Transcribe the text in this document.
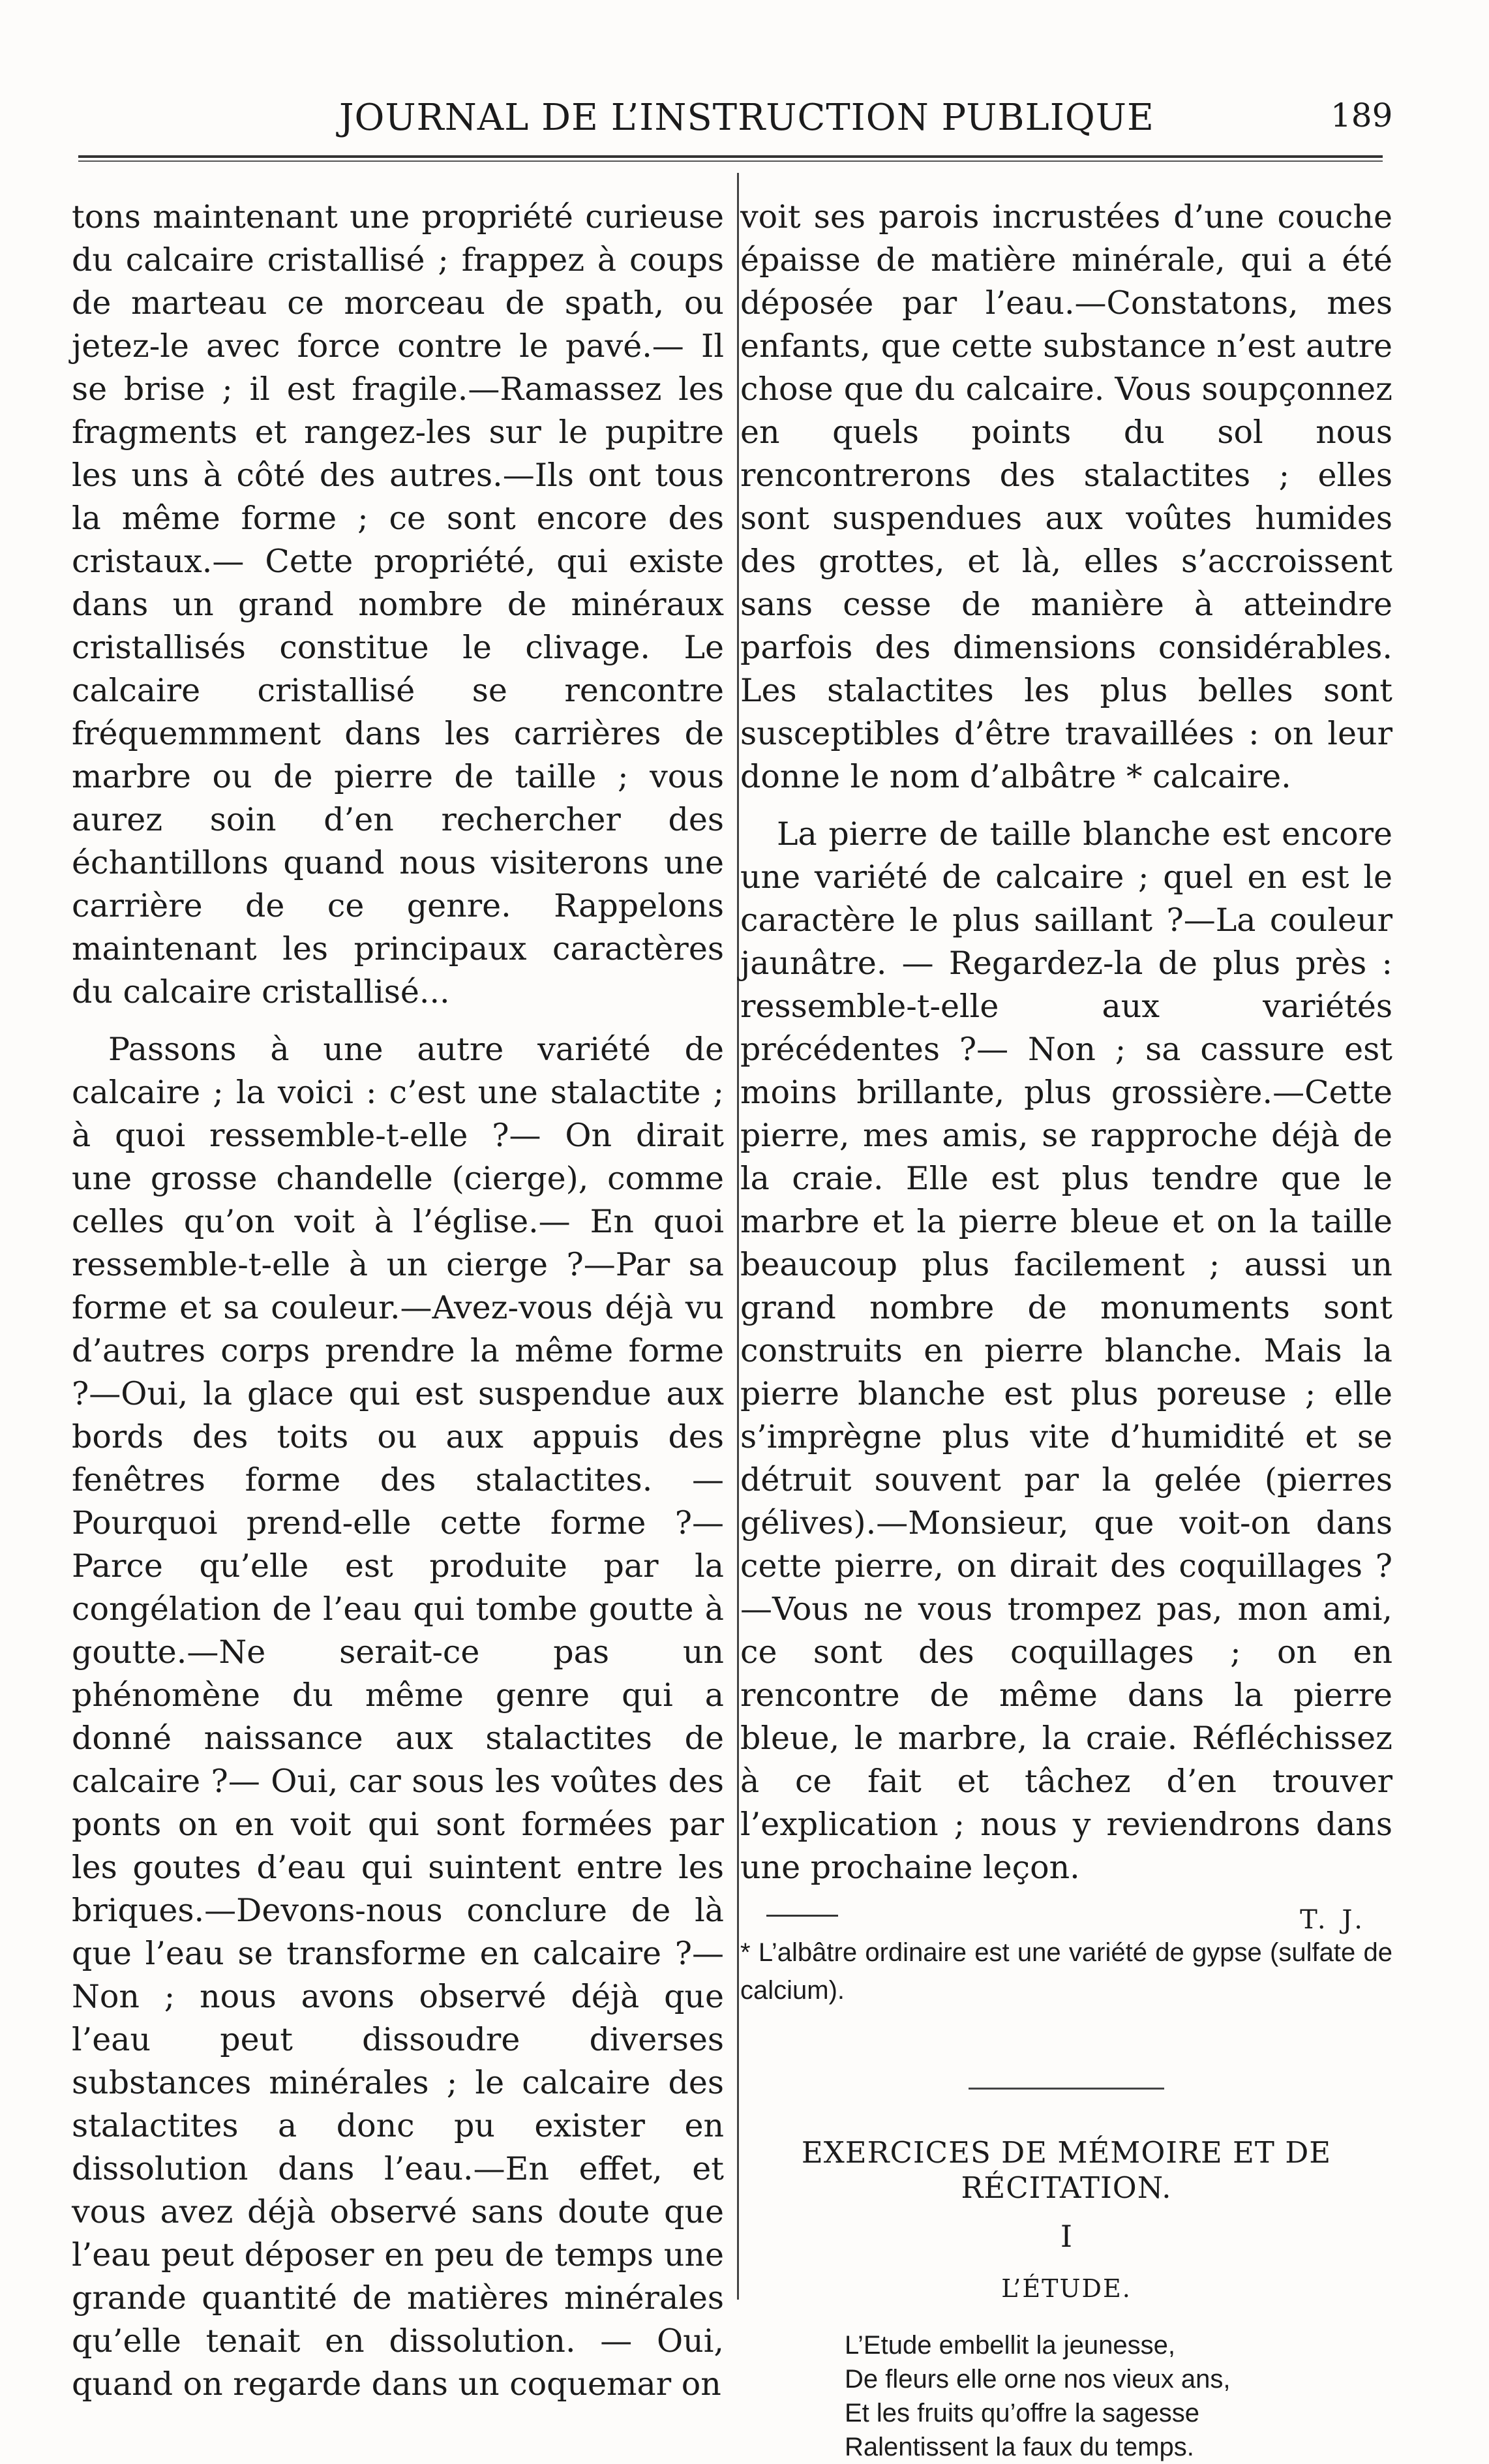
JOURNAL DE L’INSTRUCTION PUBLIQUE	189

tons maintenant une propriété curieuse du calcaire cristallisé ; frappez à coups de marteau ce morceau de spath, ou jetez-le avec force contre le pavé.— Il se brise ; il est fragile.—Ramassez les fragments et rangez-les sur le pupitre les uns à côté des autres.—Ils ont tous la même forme ; ce sont encore des cristaux.— Cette propriété, qui existe dans un grand nombre de minéraux cristallisés constitue le clivage. Le calcaire cristallisé se rencontre fréquemmment dans les carrières de marbre ou de pierre de taille ; vous aurez soin d’en rechercher des échantillons quand nous visiterons une carrière de ce genre. Rappelons maintenant les principaux caractères du calcaire cristallisé...

Passons à une autre variété de calcaire ; la voici : c’est une stalactite ; à quoi ressemble-t-elle ?— On dirait une grosse chandelle (cierge), comme celles qu’on voit à l’église.— En quoi ressemble-t-elle à un cierge ?—Par sa forme et sa couleur.—Avez-vous déjà vu d’autres corps prendre la même forme ?—Oui, la glace qui est suspendue aux bords des toits ou aux appuis des fenêtres forme des stalactites. — Pourquoi prend-elle cette forme ?—Parce qu’elle est produite par la congélation de l’eau qui tombe goutte à goutte.—Ne serait-ce pas un phénomène du même genre qui a donné naissance aux stalactites de calcaire ?— Oui, car sous les voûtes des ponts on en voit qui sont formées par les goutes d’eau qui suintent entre les briques.—Devons-nous conclure de là que l’eau se transforme en calcaire ?— Non ; nous avons observé déjà que l’eau peut dissoudre diverses substances minérales ; le calcaire des stalactites a donc pu exister en dissolution dans l’eau.—En effet, et vous avez déjà observé sans doute que l’eau peut déposer en peu de temps une grande quantité de matières minérales qu’elle tenait en dissolution. — Oui, quand on regarde dans un coquemar on

voit ses parois incrustées d’une couche épaisse de matière minérale, qui a été déposée par l’eau.—Constatons, mes enfants, que cette substance n’est autre chose que du calcaire. Vous soupçonnez en quels points du sol nous rencontrerons des stalactites ; elles sont suspendues aux voûtes humides des grottes, et là, elles s’accroissent sans cesse de manière à atteindre parfois des dimensions considérables. Les stalactites les plus belles sont susceptibles d’être travaillées : on leur donne le nom d’albâtre * calcaire.

La pierre de taille blanche est encore une variété de calcaire ; quel en est le caractère le plus saillant ?—La couleur jaunâtre. — Regardez-la de plus près : ressemble-t-elle aux variétés précédentes ?— Non ; sa cassure est moins brillante, plus grossière.—Cette pierre, mes amis, se rapproche déjà de la craie. Elle est plus tendre que le marbre et la pierre bleue et on la taille beaucoup plus facilement ; aussi un grand nombre de monuments sont construits en pierre blanche. Mais la pierre blanche est plus poreuse ; elle s’imprègne plus vite d’humidité et se détruit souvent par la gelée (pierres gélives).—Monsieur, que voit-on dans cette pierre, on dirait des coquillages ?—Vous ne vous trompez pas, mon ami, ce sont des coquillages ; on en rencontre de même dans la pierre bleue, le marbre, la craie. Réfléchissez à ce fait et tâchez d’en trouver l’explication ; nous y reviendrons dans une prochaine leçon.

T. J.

* L’albâtre ordinaire est une variété de gypse (sulfate de calcium).

EXERCICES DE MÉMOIRE ET DE RÉCITATION.
I
L’ÉTUDE.
L’Etude embellit la jeunesse,
De fleurs elle orne nos vieux ans,
Et les fruits qu’offre la sagesse
Ralentissent la faux du temps.
